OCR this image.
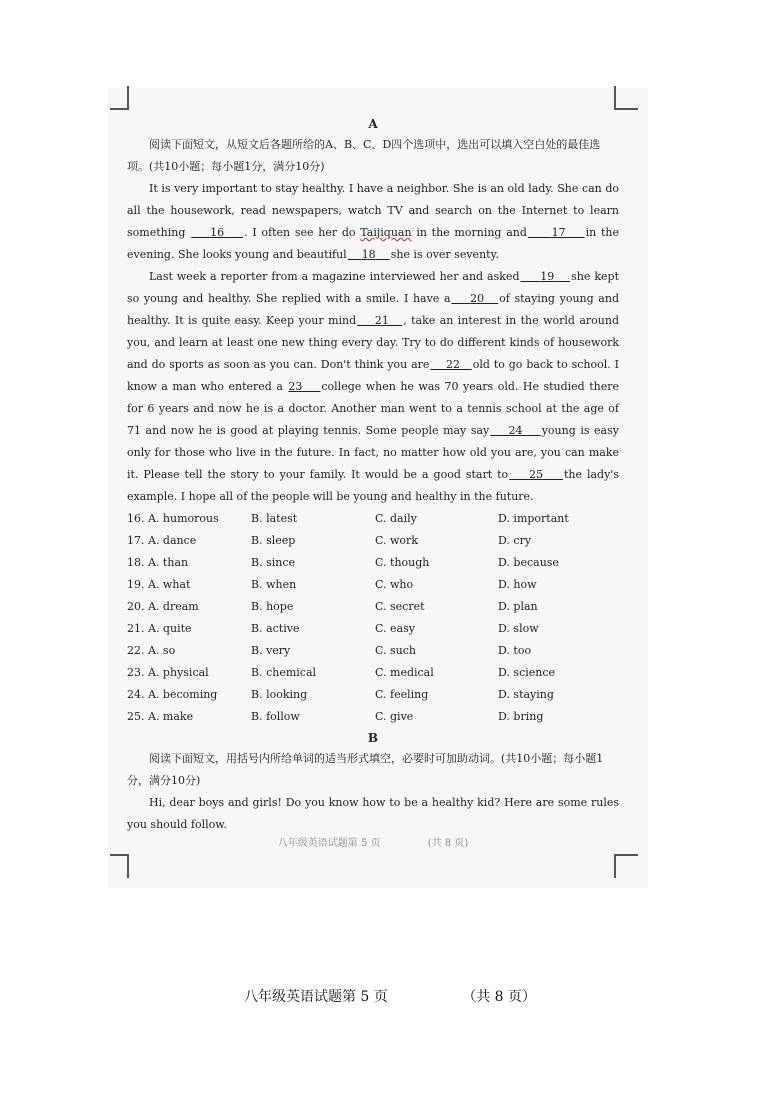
A
阅读下面短文，从短文后各题所给的A、B、C、D四个选项中，选出可以填入空白处的最佳选项。(共10小题；每小题1分，满分10分)
It is very important to stay healthy. I have a neighbor. She is an old lady. She can do all the housework, read newspapers, watch TV and search on the Internet to learn something 16 . I often see her do Taijiquan in the morning and 17 in the evening. She looks young and beautiful 18 she is over seventy.
Last week a reporter from a magazine interviewed her and asked 19 she kept so young and healthy. She replied with a smile. I have a 20 of staying young and healthy. It is quite easy. Keep your mind 21 , take an interest in the world around you, and learn at least one new thing every day. Try to do different kinds of housework and do sports as soon as you can. Don't think you are 22 old to go back to school. I know a man who entered a 23 college when he was 70 years old. He studied there for 6 years and now he is a doctor. Another man went to a tennis school at the age of 71 and now he is good at playing tennis. Some people may say 24 young is easy only for those who live in the future. In fact, no matter how old you are, you can make it. Please tell the story to your family. It would be a good start to 25 the lady's example. I hope all of the people will be young and healthy in the future.
16. A. humorous	B. latest	C. daily	D. important
17. A. dance	B. sleep	C. work	D. cry
18. A. than	B. since	C. though	D. because
19. A. what	B. when	C. who	D. how
20. A. dream	B. hope	C. secret	D. plan
21. A. quite	B. active	C. easy	D. slow
22. A. so	B. very	C. such	D. too
23. A. physical	B. chemical	C. medical	D. science
24. A. becoming	B. looking	C. feeling	D. staying
25. A. make	B. follow	C. give	D. bring
B
阅读下面短文，用括号内所给单词的适当形式填空，必要时可加助动词。(共10小题；每小题1分，满分10分)
Hi, dear boys and girls! Do you know how to be a healthy kid? Here are some rules you should follow.
八年级英语试题第 5 页	(共 8 页)
八年级英语试题第 5 页	（共 8 页）
